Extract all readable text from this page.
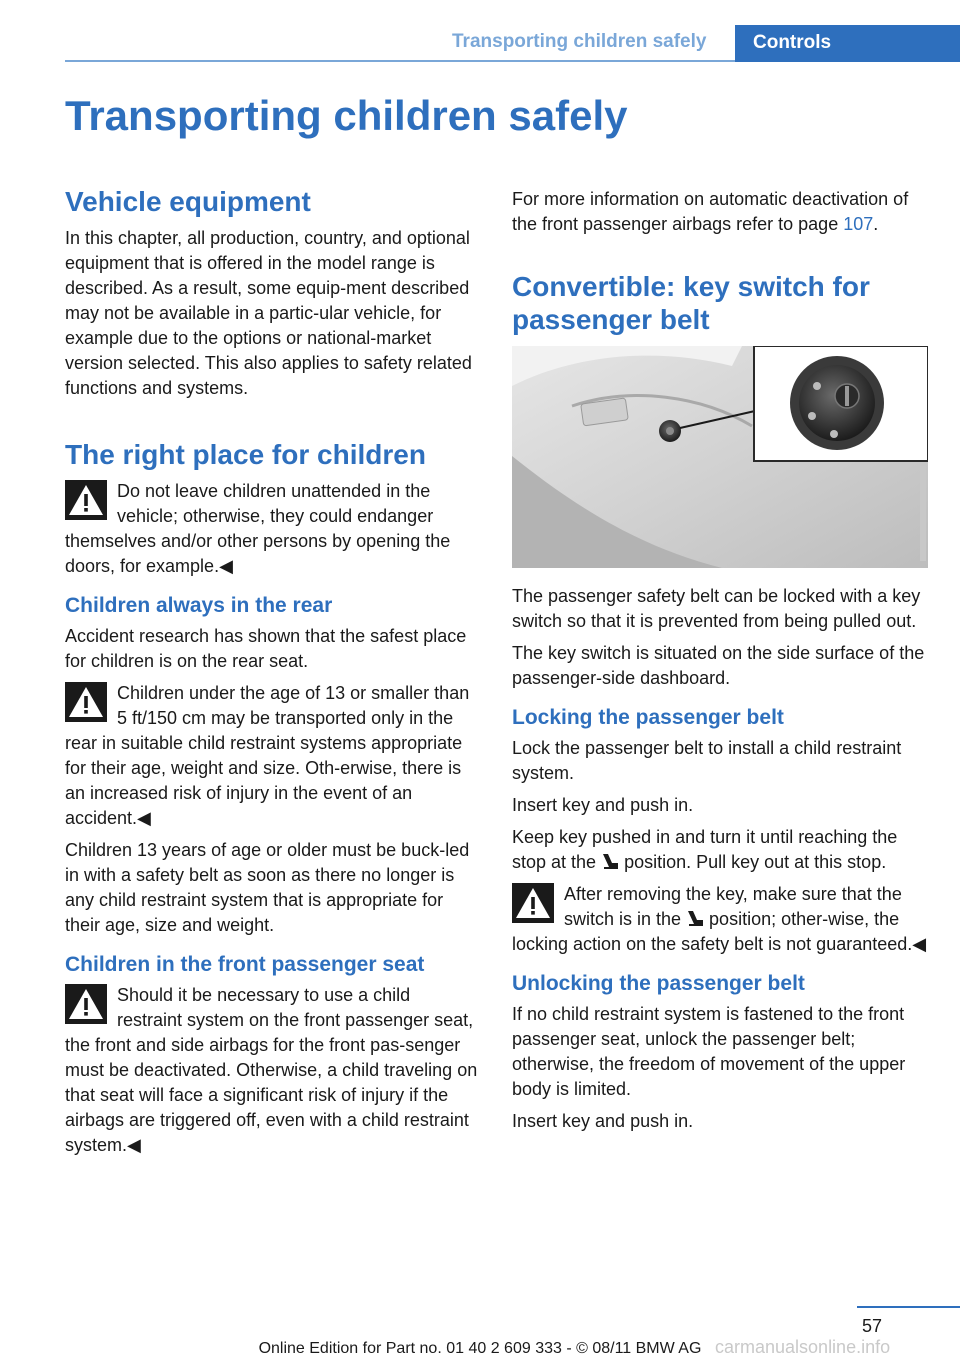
Transporting children safely Controls
Transporting children safely
Vehicle equipment

In this chapter, all production, country, and optional equipment that is offered in the model range is described. As a result, some equip-ment described may not be available in a partic-ular vehicle, for example due to the options or national-market version selected. This also applies to safety related functions and systems.

The right place for children
Do not leave children unattended in the vehicle; otherwise, they could endanger themselves and/or other persons by opening the doors, for example.◀
Children always in the rear

Accident research has shown that the safest place for children is on the rear seat.

Children under the age of 13 or smaller than 5 ft/150 cm may be transported only in the rear in suitable child restraint systems appropriate for their age, weight and size. Oth-erwise, there is an increased risk of injury in the event of an accident.◀

Children 13 years of age or older must be buck-led in with a safety belt as soon as there no longer is any child restraint system that is appropriate for their age, size and weight.

Children in the front passenger seat
Should it be necessary to use a child restraint system on the front passenger seat, the front and side airbags for the front pas-senger must be deactivated. Otherwise, a child traveling on that seat will face a significant risk of injury if the airbags are triggered off, even with a child restraint system.◀

For more information on automatic deactivation of the front passenger airbags refer to page 107.

Convertible: key switch for passenger belt

The passenger safety belt can be locked with a key switch so that it is prevented from being pulled out.

The key switch is situated on the side surface of the passenger-side dashboard.

Locking the passenger belt

Lock the passenger belt to install a child restraint system.

Insert key and push in.

Keep key pushed in and turn it until reaching the stop at the position. Pull key out at this stop.

After removing the key, make sure that the switch is in the position; other-wise, the locking action on the safety belt is not guaranteed.◀
Unlocking the passenger belt

If no child restraint system is fastened to the front passenger seat, unlock the passenger belt; otherwise, the freedom of movement of the upper body is limited.

Insert key and push in.

57
Online Edition for Part no. 01 40 2 609 333 - © 08/11 BMW AG carmanualsonline.info
